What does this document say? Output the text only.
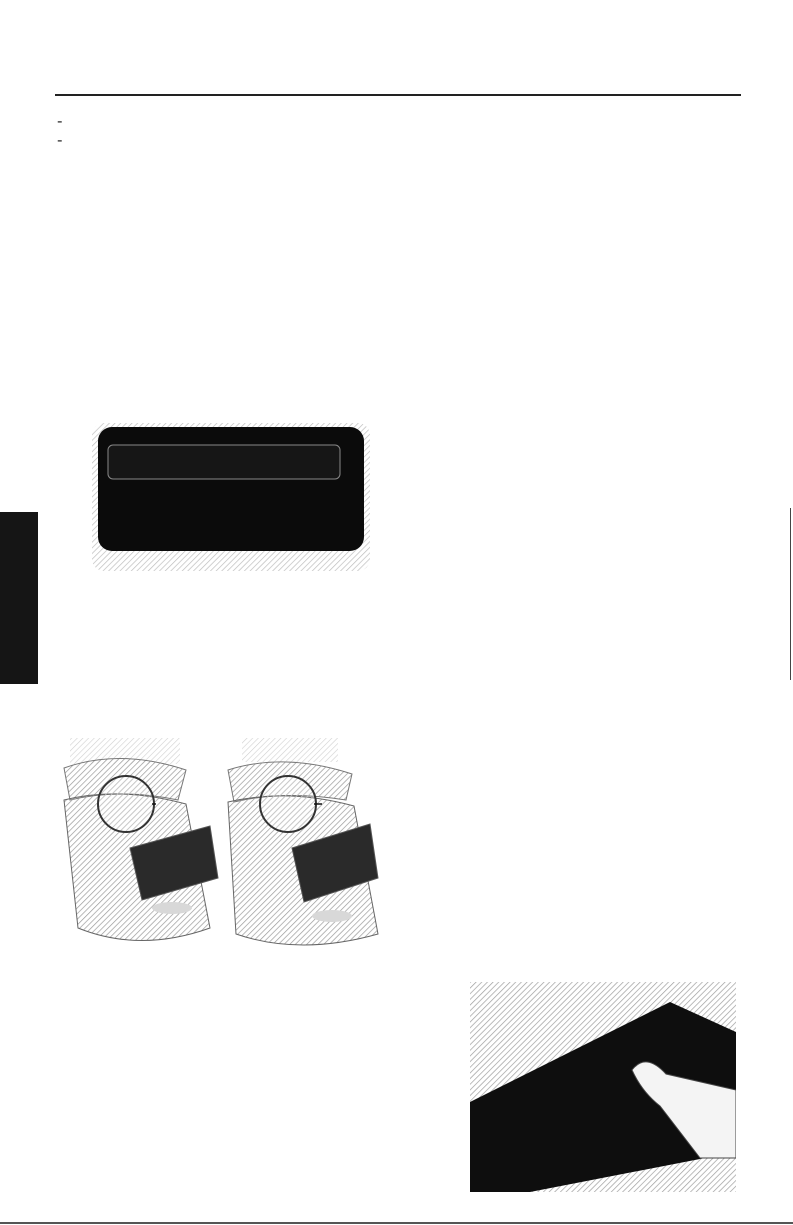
-
-
